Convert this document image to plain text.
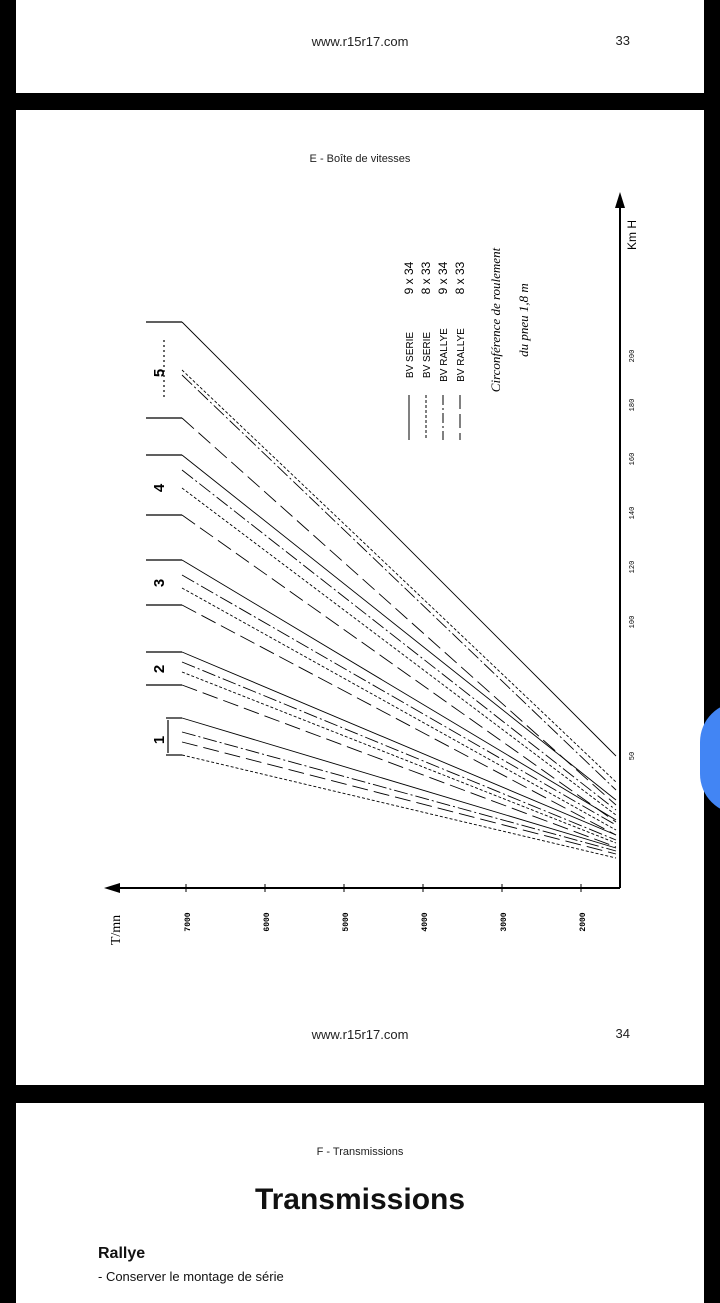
www.r15r17.com	33
E - Boîte de vitesses
Km H
T/mn	7000	6000	5000	4000	3000	2000
50
100
120
140
160
180
200
5
4
3
2
1
BV SERIE
9 x 34
BV SERIE
8 x 33
BV RALLYE
9 x 34
BV RALLYE
8 x 33 Circonférence de roulement du pneu 1,8 m
www.r15r17.com	34
F - Transmissions
Transmissions
Rallye
- Conserver le montage de série
